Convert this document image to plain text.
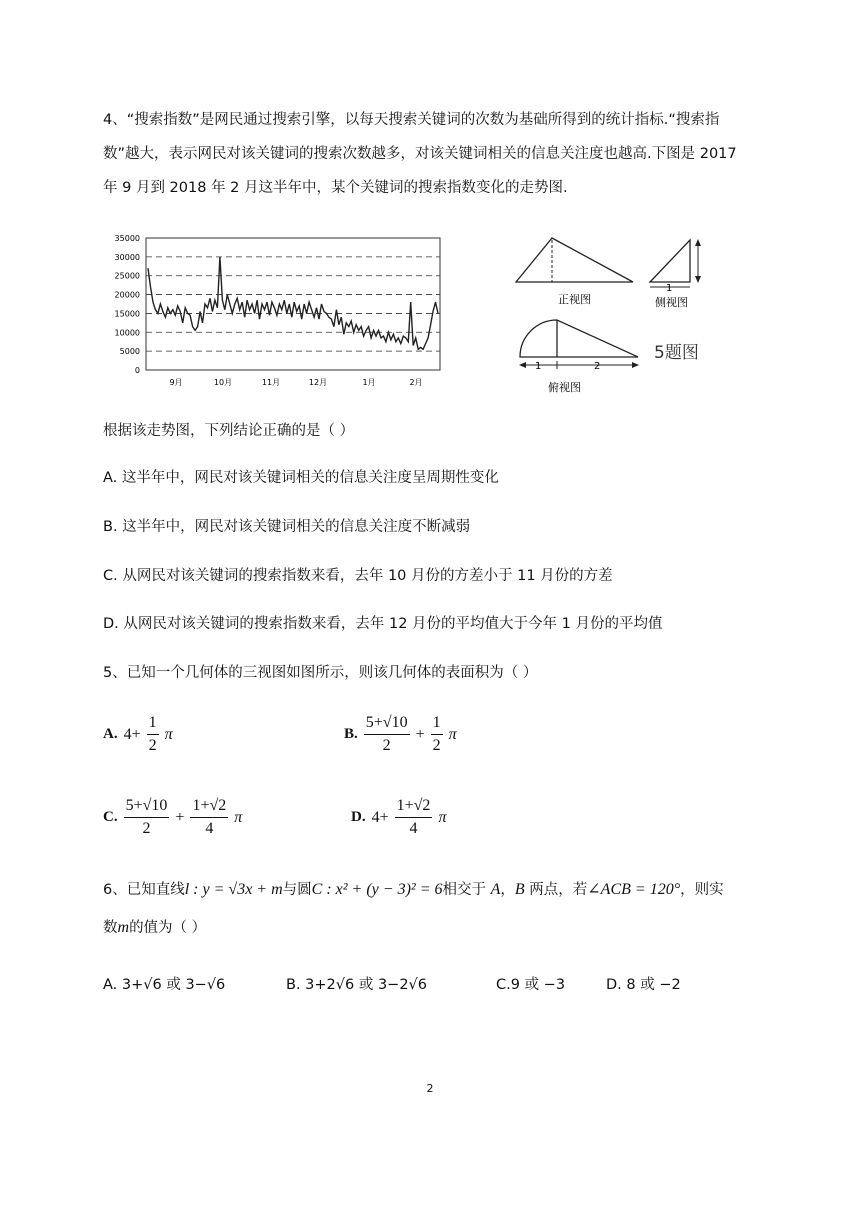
4、“搜索指数”是网民通过搜索引擎，以每天搜索关键词的次数为基础所得到的统计指标.“搜索指
数”越大，表示网民对该关键词的搜索次数越多，对该关键词相关的信息关注度也越高.下图是 2017
年 9 月到 2018 年 2 月这半年中，某个关键词的搜索指数变化的走势图.
35000
30000
25000
20000
15000
10000
5000
0
9月	10月	11月	12月	1月	2月
正视图
1
侧视图
1	2
俯视图
5题图
根据该走势图，下列结论正确的是（ ）
A. 这半年中，网民对该关键词相关的信息关注度呈周期性变化
B. 这半年中，网民对该关键词相关的信息关注度不断减弱
C. 从网民对该关键词的搜索指数来看，去年 10 月份的方差小于 11 月份的方差
D. 从网民对该关键词的搜索指数来看，去年 12 月份的平均值大于今年 1 月份的平均值
5、已知一个几何体的三视图如图所示，则该几何体的表面积为（ ）
A. $4+ \frac{1}{2}$ π	B. $\frac{5+√10}{2} + \frac{1}{2}$ π
C. $\frac{5+√10}{2} + \frac{1+√2}{4}$ π	D. $4+ \frac{1+√2}{4}$ π
6、已知直线l : y = √3x + m与圆C : x² + (y − 3)² = 6相交于 A，B 两点，若∠ACB = 120°，则实
数m的值为（ ）
A. 3+√6 或 3−√6	B. 3+2√6 或 3−2√6	C.9 或 −3	D. 8 或 −2
2
